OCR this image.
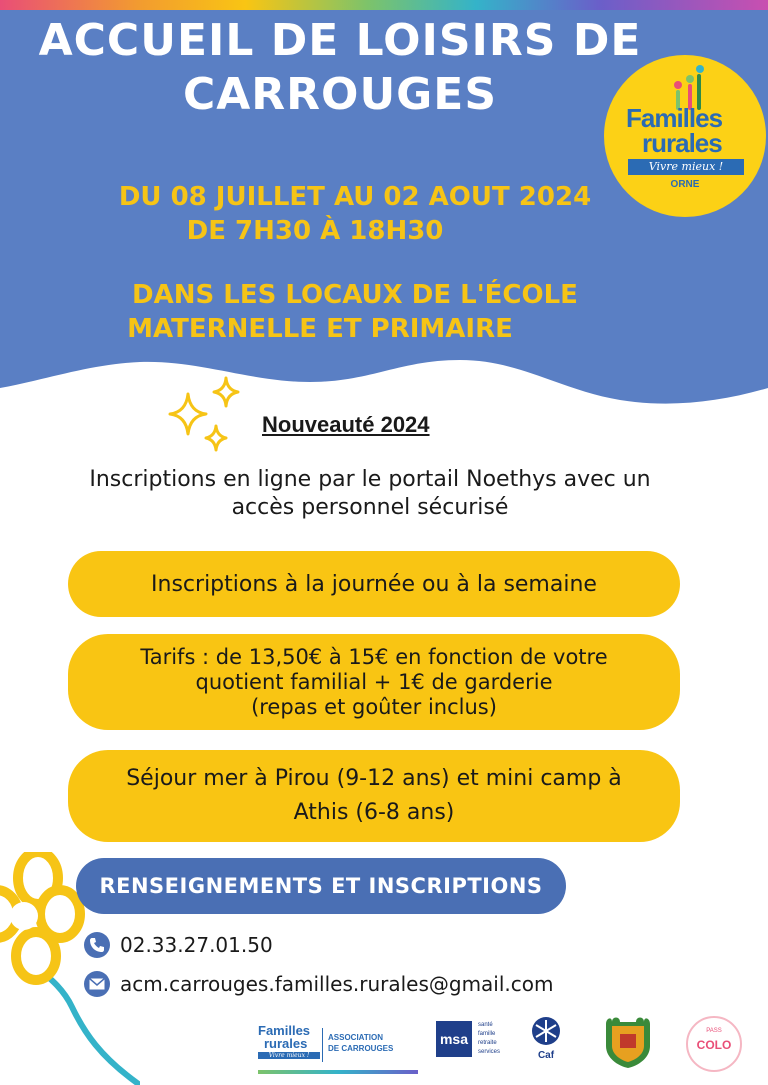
ACCUEIL DE LOISIRS DE
CARROUGES	Familles
rurales
Vivre mieux !
ORNE
DU 08 JUILLET AU 02 AOUT 2024
DE 7H30 À 18H30
DANS LES LOCAUX DE L'ÉCOLE
MATERNELLE ET PRIMAIRE
Nouveauté 2024
Inscriptions en ligne par le portail Noethys avec un
accès personnel sécurisé
Inscriptions à la journée ou à la semaine
Tarifs : de 13,50€ à 15€ en fonction de votre
quotient familial + 1€ de garderie
(repas et goûter inclus)
Séjour mer à Pirou (9-12 ans) et mini camp à
Athis (6-8 ans)
RENSEIGNEMENTS ET INSCRIPTIONS
02.33.27.01.50
acm.carrouges.familles.rurales@gmail.com
Familles
rurales
Vivre mieux !
ASSOCIATION
DE CARROUGES
msa
santé
famille
retraite
services	Caf
PASS
COLO
